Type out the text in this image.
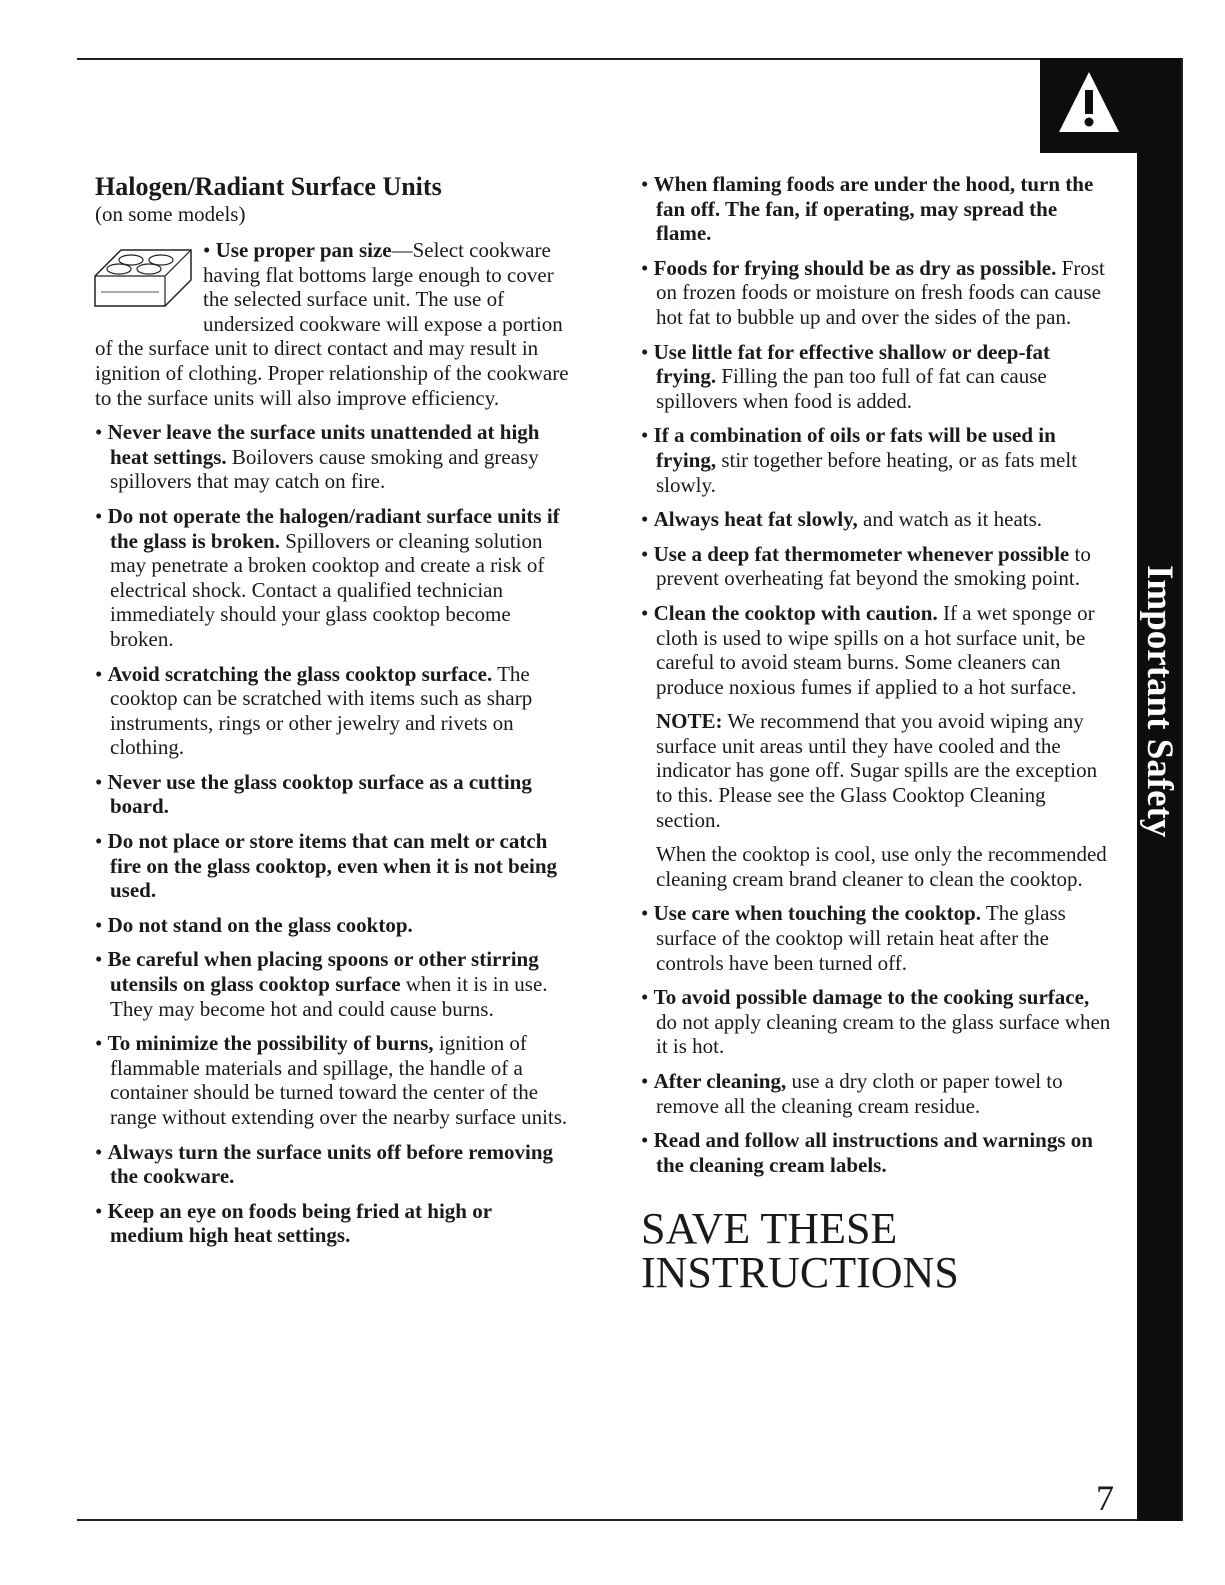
Important Safety Instructions
Halogen/Radiant Surface Units

(on some models)

• Use proper pan size—Select cookware having flat bottoms large enough to cover the selected surface unit. The use of undersized cookware will expose a portion of the surface unit to direct contact and may result in ignition of clothing. Proper relationship of the cookware to the surface units will also improve efficiency.
• Never leave the surface units unattended at high heat settings. Boilovers cause smoking and greasy spillovers that may catch on fire.
• Do not operate the halogen/radiant surface units if the glass is broken. Spillovers or cleaning solution may penetrate a broken cooktop and create a risk of electrical shock. Contact a qualified technician immediately should your glass cooktop become broken.
• Avoid scratching the glass cooktop surface. The cooktop can be scratched with items such as sharp instruments, rings or other jewelry and rivets on clothing.
• Never use the glass cooktop surface as a cutting board.
• Do not place or store items that can melt or catch fire on the glass cooktop, even when it is not being used.
• Do not stand on the glass cooktop.
• Be careful when placing spoons or other stirring utensils on glass cooktop surface when it is in use. They may become hot and could cause burns.
• To minimize the possibility of burns, ignition of flammable materials and spillage, the handle of a container should be turned toward the center of the range without extending over the nearby surface units.
• Always turn the surface units off before removing the cookware.
• Keep an eye on foods being fried at high or medium high heat settings.
• When flaming foods are under the hood, turn the fan off. The fan, if operating, may spread the flame.
• Foods for frying should be as dry as possible. Frost on frozen foods or moisture on fresh foods can cause hot fat to bubble up and over the sides of the pan.
• Use little fat for effective shallow or deep-fat frying. Filling the pan too full of fat can cause spillovers when food is added.
• If a combination of oils or fats will be used in frying, stir together before heating, or as fats melt slowly.
• Always heat fat slowly, and watch as it heats.
• Use a deep fat thermometer whenever possible to prevent overheating fat beyond the smoking point.
• Clean the cooktop with caution. If a wet sponge or cloth is used to wipe spills on a hot surface unit, be careful to avoid steam burns. Some cleaners can produce noxious fumes if applied to a hot surface.

NOTE: We recommend that you avoid wiping any surface unit areas until they have cooled and the indicator has gone off. Sugar spills are the exception to this. Please see the Glass Cooktop Cleaning section.

When the cooktop is cool, use only the recommended cleaning cream brand cleaner to clean the cooktop.

• Use care when touching the cooktop. The glass surface of the cooktop will retain heat after the controls have been turned off.
• To avoid possible damage to the cooking surface, do not apply cleaning cream to the glass surface when it is hot.
• After cleaning, use a dry cloth or paper towel to remove all the cleaning cream residue.
• Read and follow all instructions and warnings on the cleaning cream labels.
SAVE THESE
INSTRUCTIONS
7
